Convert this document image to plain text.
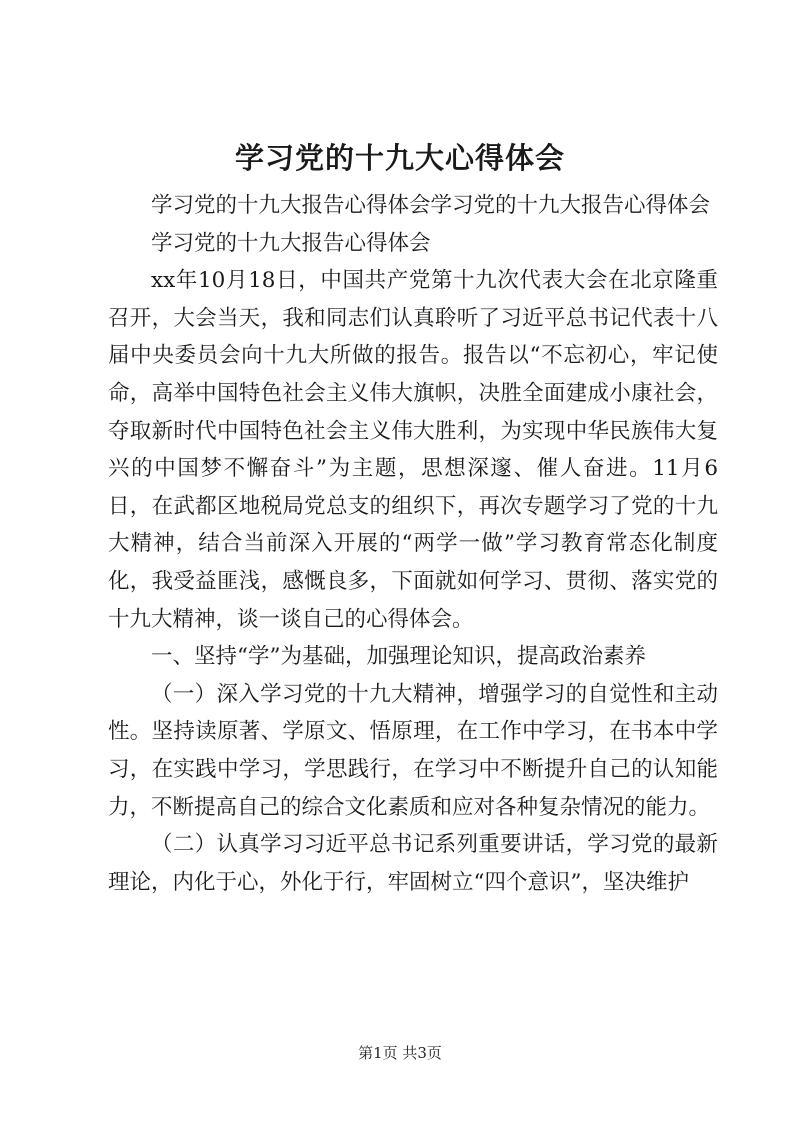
学习党的十九大心得体会

学习党的十九大报告心得体会学习党的十九大报告心得体会

学习党的十九大报告心得体会

xx年10月18日，中国共产党第十九次代表大会在北京隆重召开，大会当天，我和同志们认真聆听了习近平总书记代表十八届中央委员会向十九大所做的报告。报告以“不忘初心，牢记使命，高举中国特色社会主义伟大旗帜，决胜全面建成小康社会，夺取新时代中国特色社会主义伟大胜利，为实现中华民族伟大复兴的中国梦不懈奋斗”为主题，思想深邃、催人奋进。11月6日，在武都区地税局党总支的组织下，再次专题学习了党的十九大精神，结合当前深入开展的“两学一做”学习教育常态化制度化，我受益匪浅，感慨良多，下面就如何学习、贯彻、落实党的十九大精神，谈一谈自己的心得体会。

一、坚持“学”为基础，加强理论知识，提高政治素养

（一）深入学习党的十九大精神，增强学习的自觉性和主动性。坚持读原著、学原文、悟原理，在工作中学习，在书本中学习，在实践中学习，学思践行，在学习中不断提升自己的认知能力，不断提高自己的综合文化素质和应对各种复杂情况的能力。

（二）认真学习习近平总书记系列重要讲话，学习党的最新理论，内化于心，外化于行，牢固树立“四个意识”，坚决维护

第1页 共3页
